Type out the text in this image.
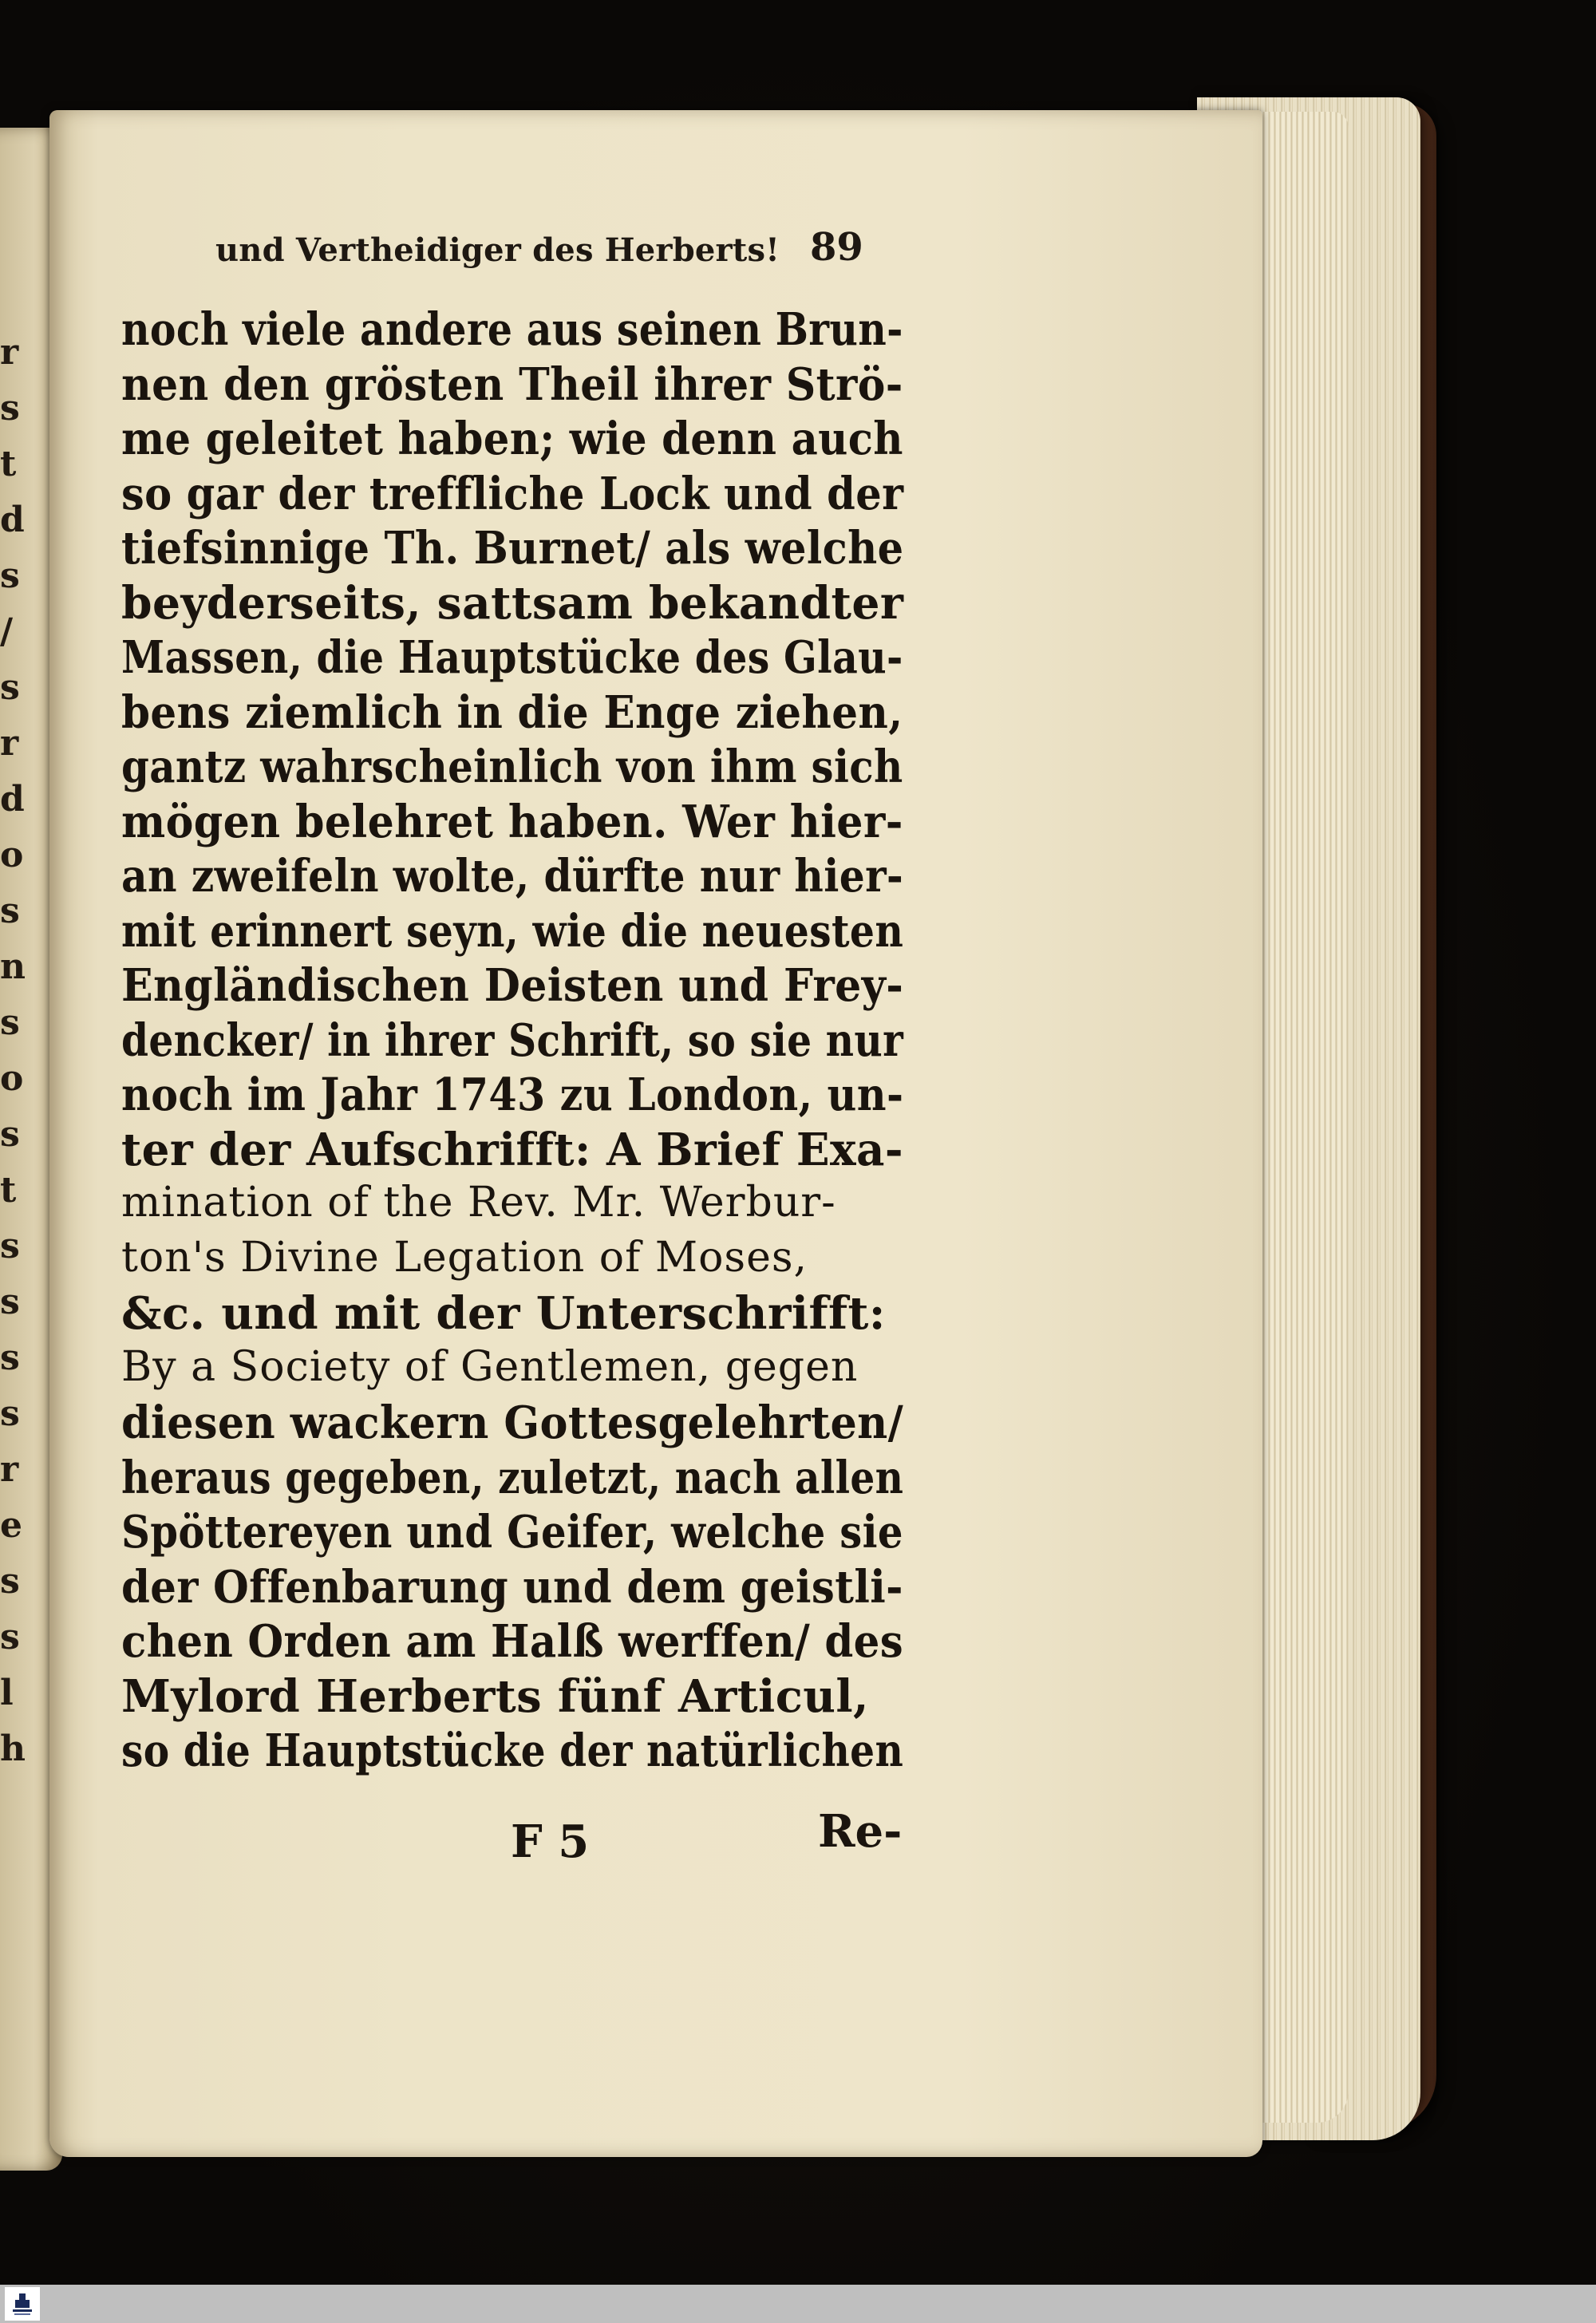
r
s
t
d
s
/
s
r
d
o
s
n
s
o
s
t
s
s
s
s
r
e
s
s
l
h
und Vertheidiger des Herberts! 89
noch viele andere aus seinen Brun-
nen den grösten Theil ihrer Strö-
me geleitet haben; wie denn auch
so gar der treffliche Lock und der
tiefsinnige Th. Burnet/ als welche
beyderseits, sattsam bekandter
Massen, die Hauptstücke des Glau-
bens ziemlich in die Enge ziehen,
gantz wahrscheinlich von ihm sich
mögen belehret haben. Wer hier-
an zweifeln wolte, dürfte nur hier-
mit erinnert seyn, wie die neuesten
Engländischen Deisten und Frey-
dencker/ in ihrer Schrift, so sie nur
noch im Jahr 1743 zu London, un-
ter der Aufschrifft: A Brief Exa-
mination of the Rev. Mr. Werbur-
ton's Divine Legation of Moses,
&c. und mit der Unterschrifft:
By a Society of Gentlemen, gegen
diesen wackern Gottesgelehrten/
heraus gegeben, zuletzt, nach allen
Spöttereyen und Geifer, welche sie
der Offenbarung und dem geistli-
chen Orden am Halß werffen/ des
Mylord Herberts fünf Articul,
so die Hauptstücke der natürlichen
F 5	Re-
